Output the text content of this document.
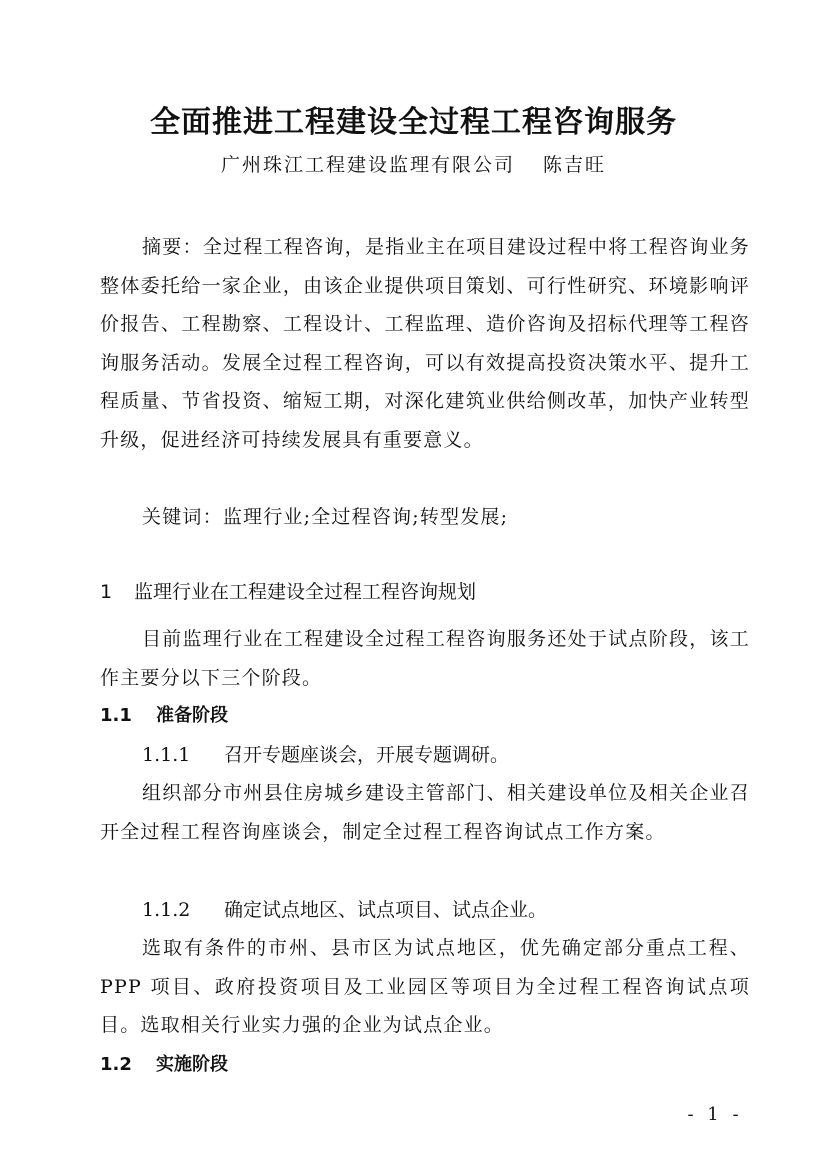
全面推进工程建设全过程工程咨询服务
广州珠江工程建设监理有限公司 陈吉旺
摘要：全过程工程咨询，是指业主在项目建设过程中将工程咨询业务整体委托给一家企业，由该企业提供项目策划、可行性研究、环境影响评价报告、工程勘察、工程设计、工程监理、造价咨询及招标代理等工程咨询服务活动。发展全过程工程咨询，可以有效提高投资决策水平、提升工程质量、节省投资、缩短工期，对深化建筑业供给侧改革，加快产业转型升级，促进经济可持续发展具有重要意义。
关键词：监理行业;全过程咨询;转型发展;
1 监理行业在工程建设全过程工程咨询规划
目前监理行业在工程建设全过程工程咨询服务还处于试点阶段，该工作主要分以下三个阶段。
1.1 准备阶段
1.1.1 召开专题座谈会，开展专题调研。
组织部分市州县住房城乡建设主管部门、相关建设单位及相关企业召开全过程工程咨询座谈会，制定全过程工程咨询试点工作方案。
1.1.2 确定试点地区、试点项目、试点企业。
选取有条件的市州、县市区为试点地区，优先确定部分重点工程、PPP 项目、政府投资项目及工业园区等项目为全过程工程咨询试点项目。选取相关行业实力强的企业为试点企业。
1.2 实施阶段
- 1 -
